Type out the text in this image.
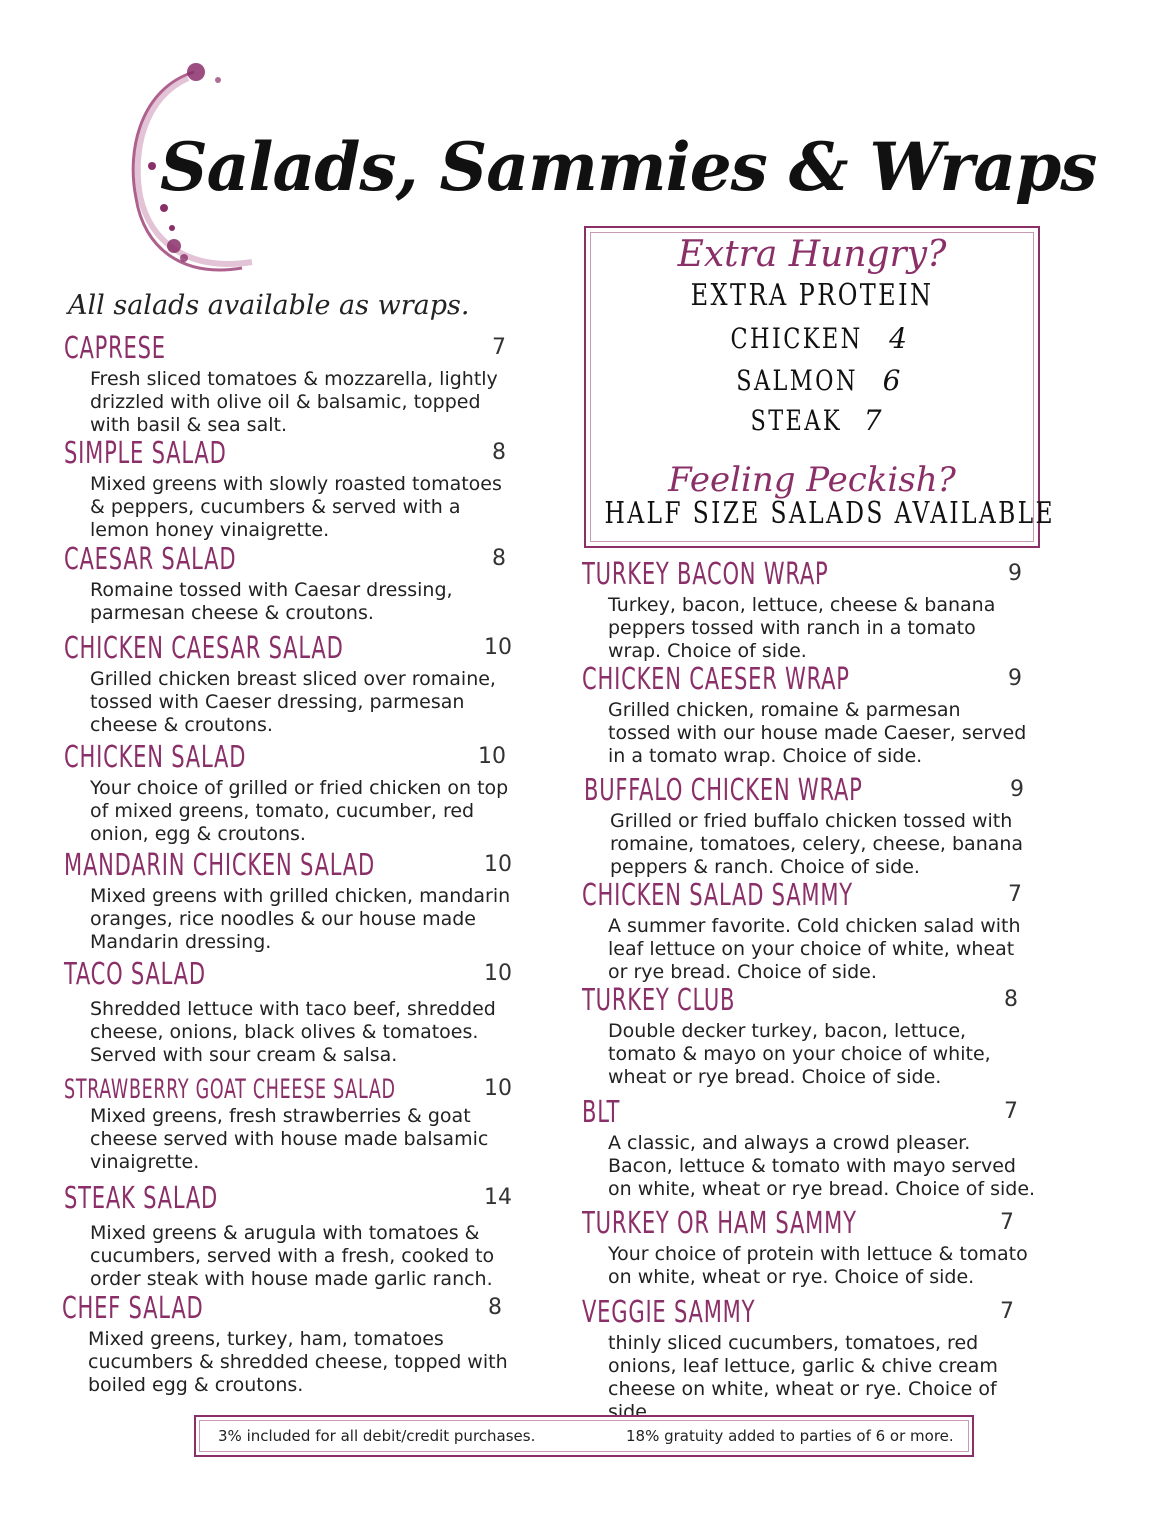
Salads, Sammies & Wraps
All salads available as wraps.
CAPRESE	7
Fresh sliced tomatoes & mozzarella, lightly drizzled with olive oil & balsamic, topped with basil & sea salt.
SIMPLE SALAD	8
Mixed greens with slowly roasted tomatoes & peppers, cucumbers & served with a lemon honey vinaigrette.
CAESAR SALAD	8
Romaine tossed with Caesar dressing, parmesan cheese & croutons.
CHICKEN CAESAR SALAD	10
Grilled chicken breast sliced over romaine, tossed with Caeser dressing, parmesan cheese & croutons.
CHICKEN SALAD	10
Your choice of grilled or fried chicken on top of mixed greens, tomato, cucumber, red onion, egg & croutons.
MANDARIN CHICKEN SALAD	10
Mixed greens with grilled chicken, mandarin oranges, rice noodles & our house made Mandarin dressing.
TACO SALAD	10
Shredded lettuce with taco beef, shredded cheese, onions, black olives & tomatoes. Served with sour cream & salsa.
STRAWBERRY GOAT CHEESE SALAD	10
Mixed greens, fresh strawberries & goat cheese served with house made balsamic vinaigrette.
STEAK SALAD	14
Mixed greens & arugula with tomatoes & cucumbers, served with a fresh, cooked to order steak with house made garlic ranch.
CHEF SALAD	8
Mixed greens, turkey, ham, tomatoes cucumbers & shredded cheese, topped with boiled egg & croutons.
Extra Hungry?
EXTRA PROTEIN
CHICKEN 4
SALMON 6
STEAK 7
Feeling Peckish?
HALF SIZE SALADS AVAILABLE
TURKEY BACON WRAP	9
Turkey, bacon, lettuce, cheese & banana peppers tossed with ranch in a tomato wrap. Choice of side.
CHICKEN CAESER WRAP	9
Grilled chicken, romaine & parmesan tossed with our house made Caeser, served in a tomato wrap. Choice of side.
BUFFALO CHICKEN WRAP	9
Grilled or fried buffalo chicken tossed with romaine, tomatoes, celery, cheese, banana peppers & ranch. Choice of side.
CHICKEN SALAD SAMMY	7
A summer favorite. Cold chicken salad with leaf lettuce on your choice of white, wheat or rye bread. Choice of side.
TURKEY CLUB	8
Double decker turkey, bacon, lettuce, tomato & mayo on your choice of white, wheat or rye bread. Choice of side.
BLT	7
A classic, and always a crowd pleaser. Bacon, lettuce & tomato with mayo served on white, wheat or rye bread. Choice of side.
TURKEY OR HAM SAMMY	7
Your choice of protein with lettuce & tomato on white, wheat or rye. Choice of side.
VEGGIE SAMMY	7
thinly sliced cucumbers, tomatoes, red onions, leaf lettuce, garlic & chive cream cheese on white, wheat or rye. Choice of side.
3% included for all debit/credit purchases.	18% gratuity added to parties of 6 or more.
